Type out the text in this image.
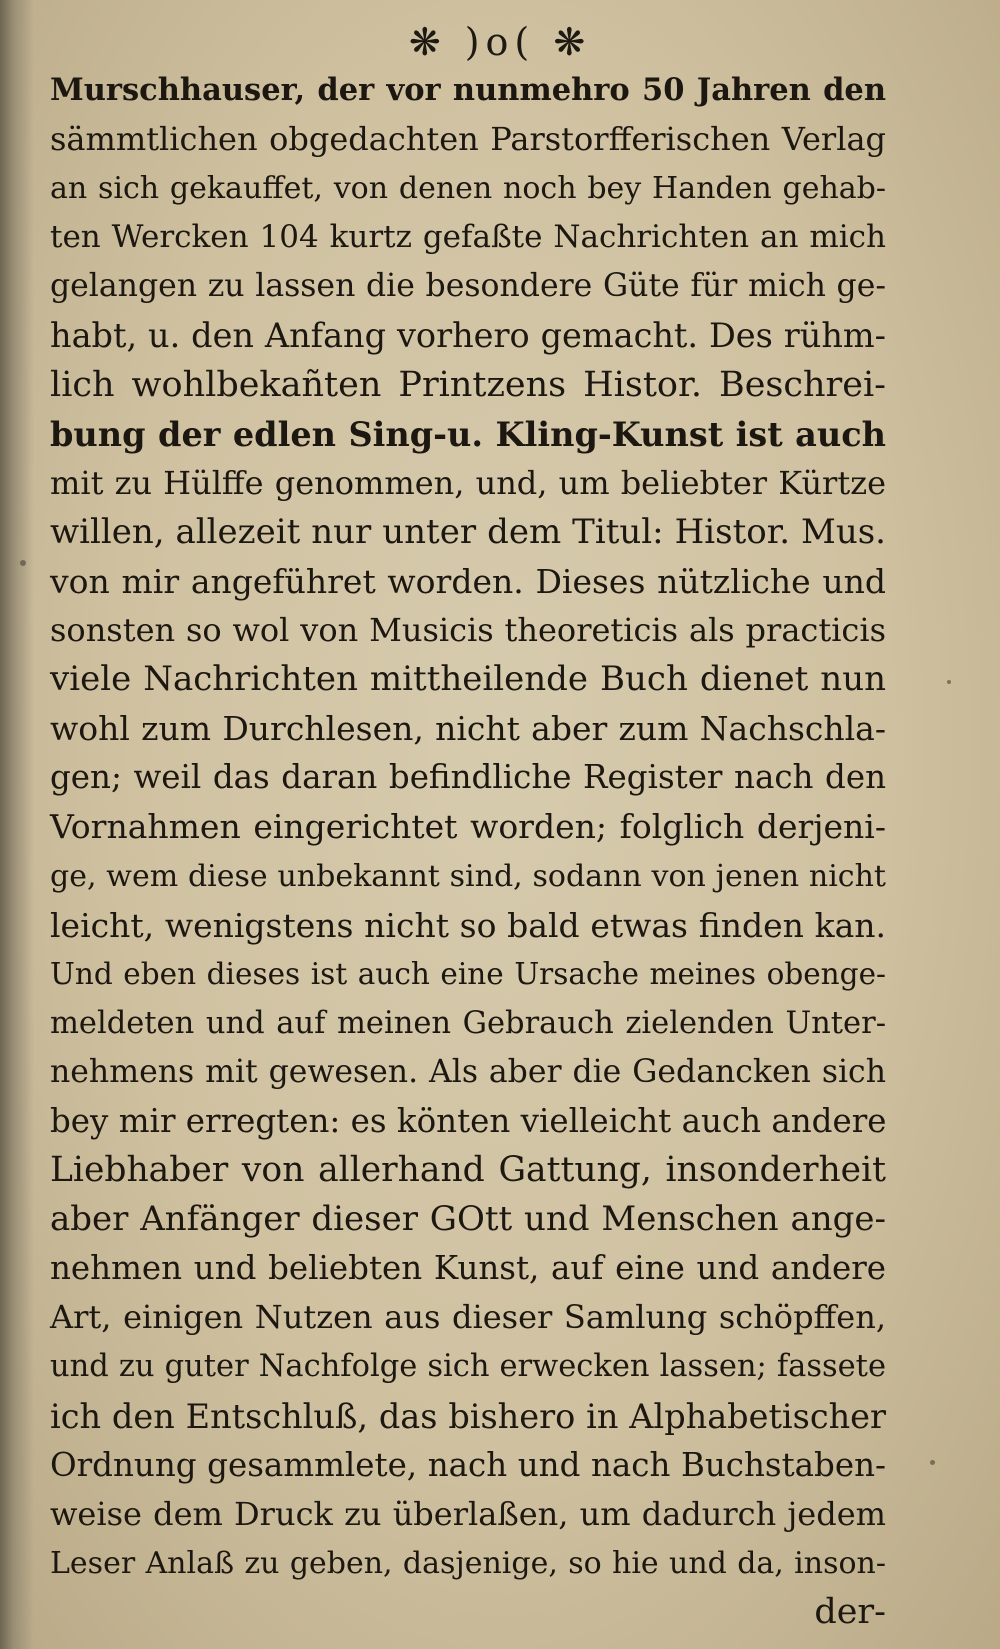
❋ )o( ❋
Murschhauser, der vor nunmehro 50 Jahren den
sämmtlichen obgedachten Parstorfferischen Verlag
an sich gekauffet, von denen noch bey Handen gehab-
ten Wercken 104 kurtz gefaßte Nachrichten an mich
gelangen zu lassen die besondere Güte für mich ge-
habt, u. den Anfang vorhero gemacht. Des rühm-
lich wohlbekañten Printzens Histor. Beschrei-
bung der edlen Sing-u. Kling-Kunst ist auch
mit zu Hülffe genommen, und, um beliebter Kürtze
willen, allezeit nur unter dem Titul: Histor. Mus.
von mir angeführet worden. Dieses nützliche und
sonsten so wol von Musicis theoreticis als practicis
viele Nachrichten mittheilende Buch dienet nun
wohl zum Durchlesen, nicht aber zum Nachschla-
gen; weil das daran befindliche Register nach den
Vornahmen eingerichtet worden; folglich derjeni-
ge, wem diese unbekannt sind, sodann von jenen nicht
leicht, wenigstens nicht so bald etwas finden kan.
Und eben dieses ist auch eine Ursache meines obenge-
meldeten und auf meinen Gebrauch zielenden Unter-
nehmens mit gewesen. Als aber die Gedancken sich
bey mir erregten: es könten vielleicht auch andere
Liebhaber von allerhand Gattung, insonderheit
aber Anfänger dieser GOtt und Menschen ange-
nehmen und beliebten Kunst, auf eine und andere
Art, einigen Nutzen aus dieser Samlung schöpffen,
und zu guter Nachfolge sich erwecken lassen; fassete
ich den Entschluß, das bishero in Alphabetischer
Ordnung gesammlete, nach und nach Buchstaben-
weise dem Druck zu überlaßen, um dadurch jedem
Leser Anlaß zu geben, dasjenige, so hie und da, inson-
der-
